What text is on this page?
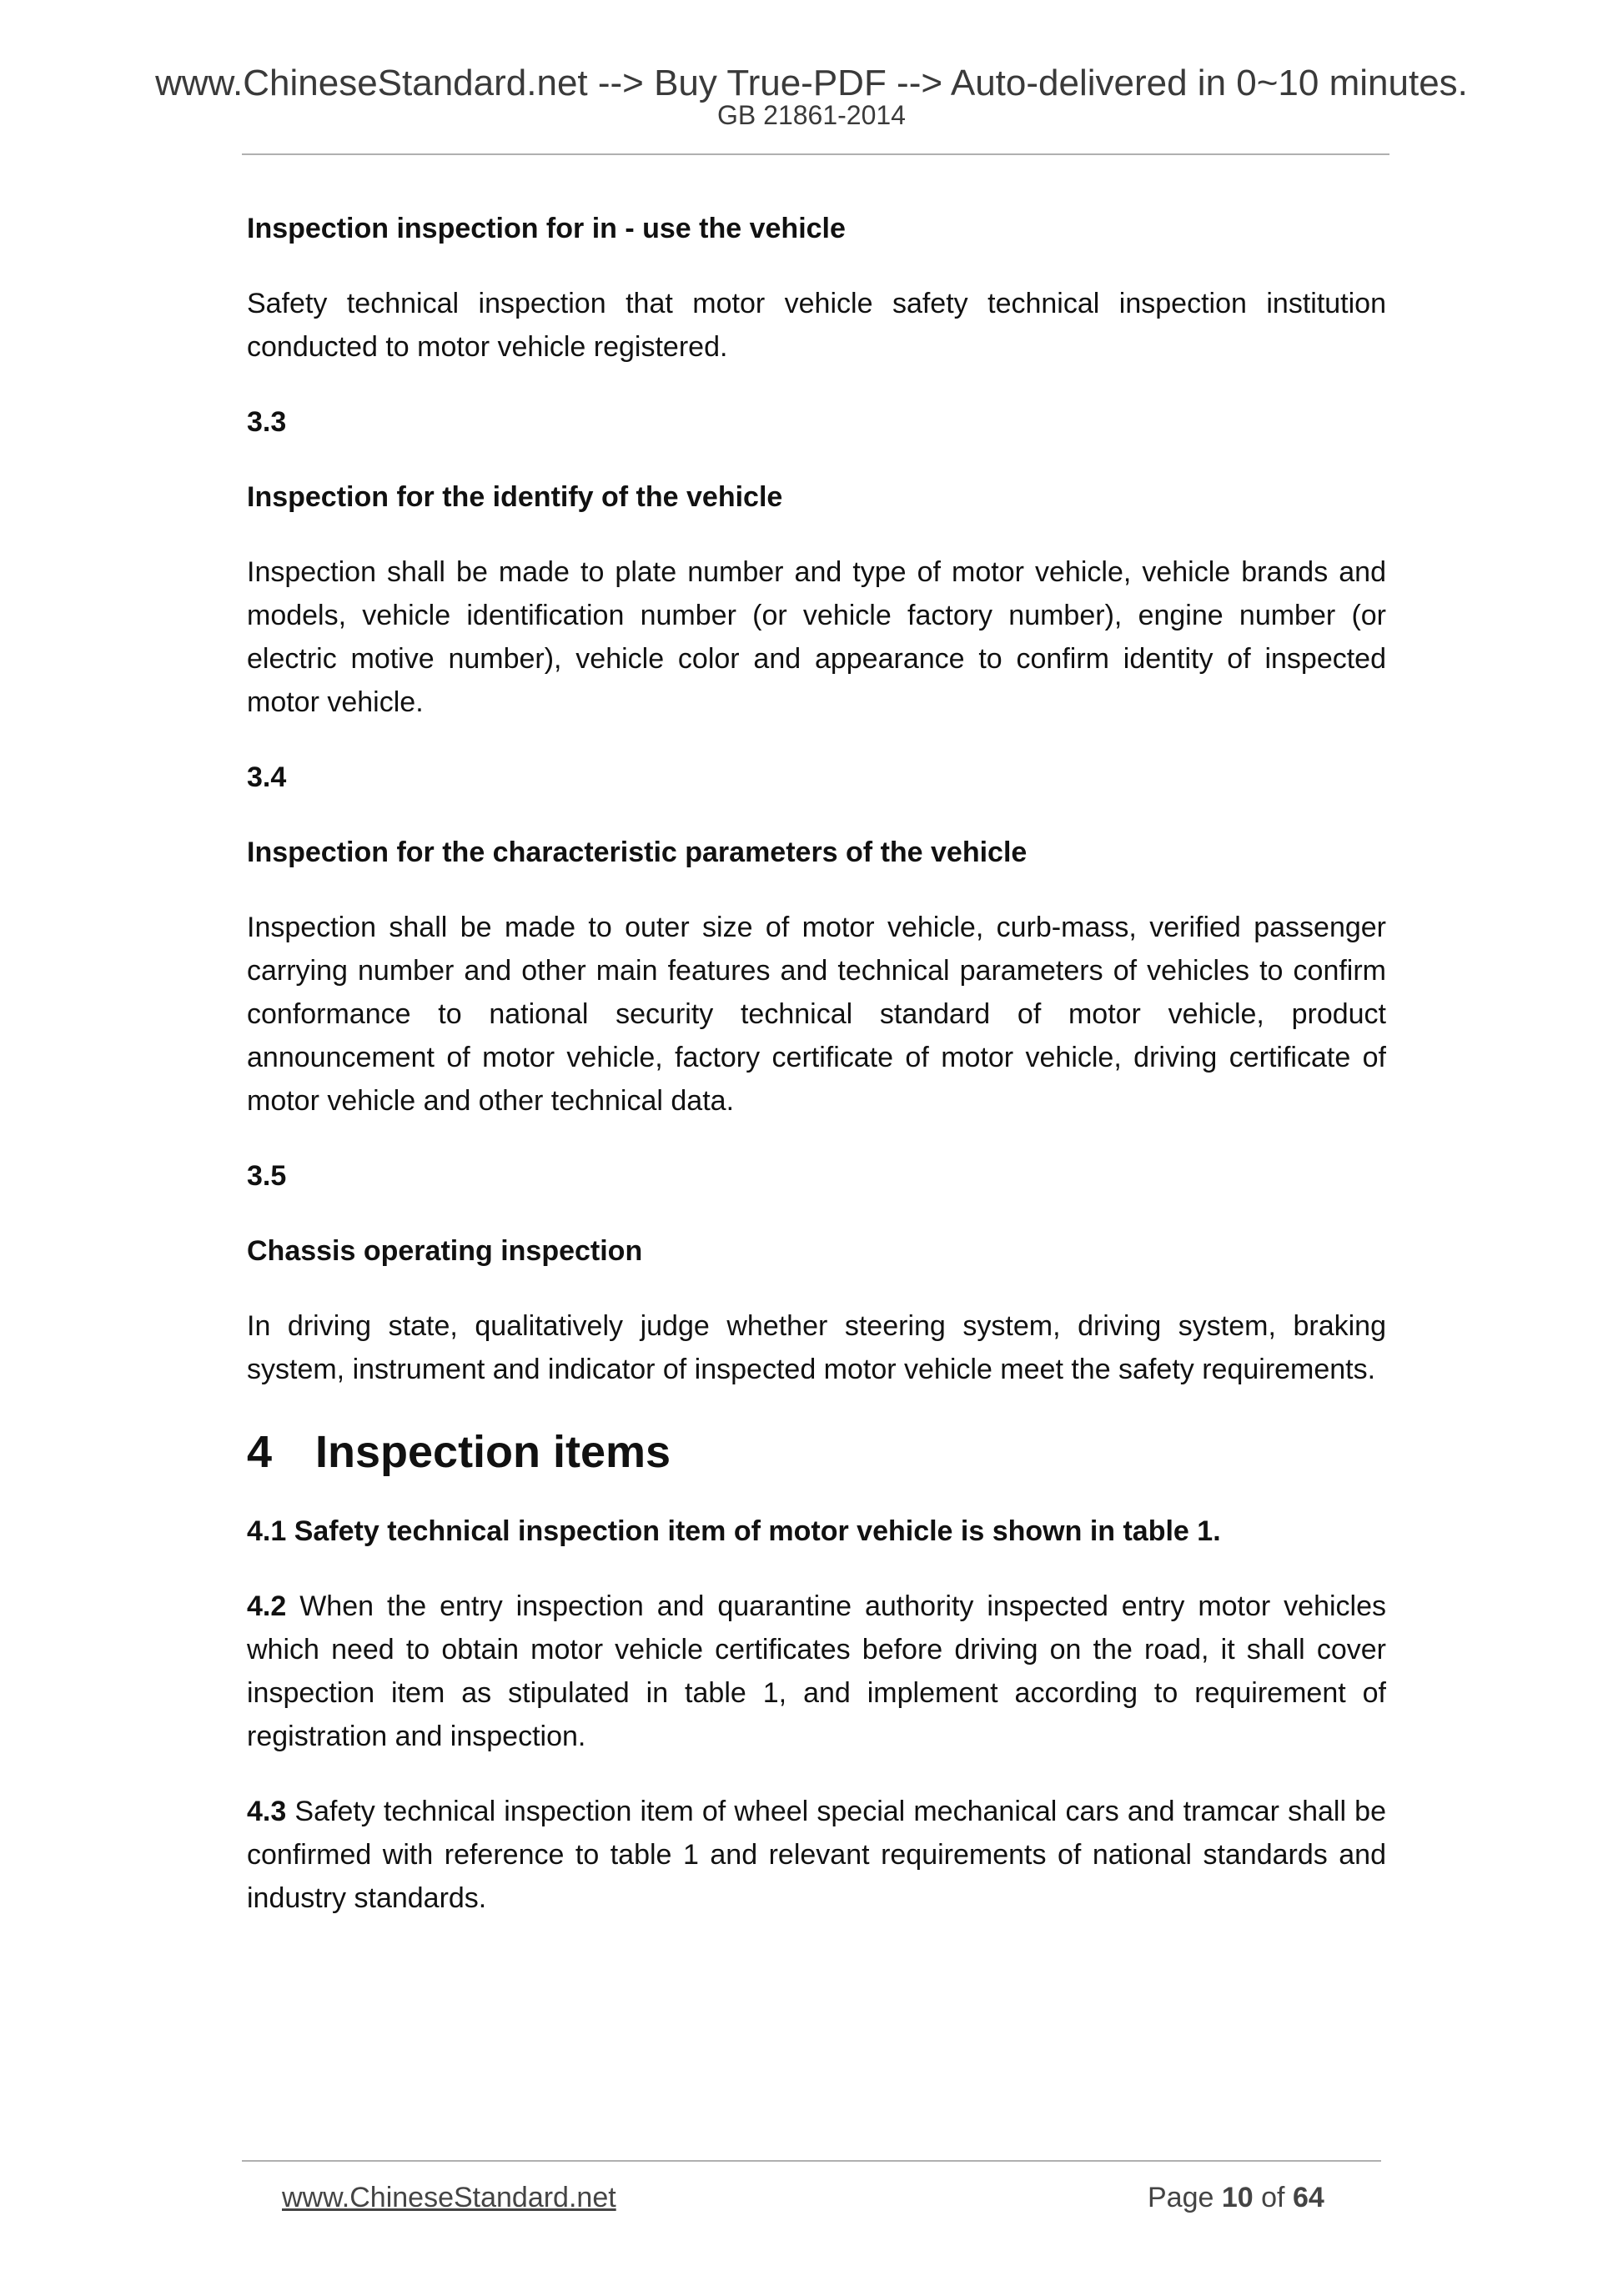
www.ChineseStandard.net --> Buy True-PDF --> Auto-delivered in 0~10 minutes.
GB 21861-2014

Inspection inspection for in - use the vehicle

Safety technical inspection that motor vehicle safety technical inspection institution conducted to motor vehicle registered.

3.3

Inspection for the identify of the vehicle

Inspection shall be made to plate number and type of motor vehicle, vehicle brands and models, vehicle identification number (or vehicle factory number), engine number (or electric motive number), vehicle color and appearance to confirm identity of inspected motor vehicle.

3.4

Inspection for the characteristic parameters of the vehicle

Inspection shall be made to outer size of motor vehicle, curb-mass, verified passenger carrying number and other main features and technical parameters of vehicles to confirm conformance to national security technical standard of motor vehicle, product announcement of motor vehicle, factory certificate of motor vehicle, driving certificate of motor vehicle and other technical data.

3.5

Chassis operating inspection

In driving state, qualitatively judge whether steering system, driving system, braking system, instrument and indicator of inspected motor vehicle meet the safety requirements.

4 Inspection items

4.1 Safety technical inspection item of motor vehicle is shown in table 1.

4.2 When the entry inspection and quarantine authority inspected entry motor vehicles which need to obtain motor vehicle certificates before driving on the road, it shall cover inspection item as stipulated in table 1, and implement according to requirement of registration and inspection.

4.3 Safety technical inspection item of wheel special mechanical cars and tramcar shall be confirmed with reference to table 1 and relevant requirements of national standards and industry standards.

www.ChineseStandard.net	Page 10 of 64
